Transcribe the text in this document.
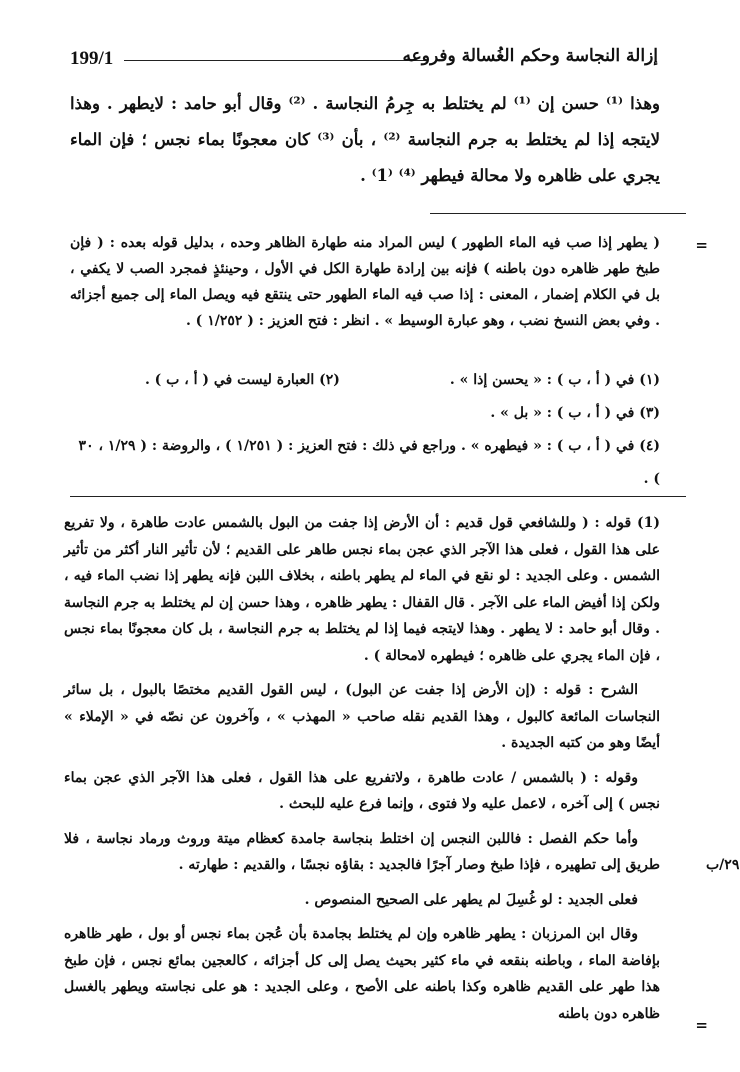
199/1	إزالة النجاسة وحكم الغُسالة وفروعه
وهذا ⁽¹⁾ حسن إن ⁽¹⁾ لم يختلط به جِرمُ النجاسة . ⁽²⁾ وقال أبو حامد : لايطهر . وهذا لايتجه إذا لم يختلط به جرم النجاسة ⁽²⁾ ، بأن ⁽³⁾ كان معجونًا بماء نجس ؛ فإن الماء يجري على ظاهره ولا محالة فيطهر ⁽⁴⁾ ⁽1⁾ .
=
( يطهر إذا صب فيه الماء الطهور ) ليس المراد منه طهارة الظاهر وحده ، بدليل قوله بعده : ( فإن طبخ طهر ظاهره دون باطنه ) فإنه بين إرادة طهارة الكل في الأول ، وحينئذٍ فمجرد الصب لا يكفي ، بل في الكلام إضمار ، المعنى : إذا صب فيه الماء الطهور حتى ينتقع فيه ويصل الماء إلى جميع أجزائه . وفي بعض النسخ نضب ، وهو عبارة الوسيط » . انظر : فتح العزيز : ( ١/٢٥٢ ) .
(١) في ( أ ، ب ) : « يحسن إذا » .
(٢) العبارة ليست في ( أ ، ب ) .
(٣) في ( أ ، ب ) : « بل » .
(٤) في ( أ ، ب ) : « فيطهره » . وراجع في ذلك : فتح العزيز : ( ١/٢٥١ ) ، والروضة : ( ١/٢٩ ، ٣٠ ) .

(1) قوله : ( وللشافعي قول قديم : أن الأرض إذا جفت من البول بالشمس عادت طاهرة ، ولا تفريع على هذا القول ، فعلى هذا الآجر الذي عجن بماء نجس طاهر على القديم ؛ لأن تأثير النار أكثر من تأثير الشمس . وعلى الجديد : لو نقع في الماء لم يطهر باطنه ، بخلاف اللبن فإنه يطهر إذا نضب الماء فيه ، ولكن إذا أفيض الماء على الآجر . قال القفال : يطهر ظاهره ، وهذا حسن إن لم يختلط به جرم النجاسة . وقال أبو حامد : لا يطهر . وهذا لايتجه فيما إذا لم يختلط به جرم النجاسة ، بل كان معجونًا بماء نجس ، فإن الماء يجري على ظاهره ؛ فيطهره لامحالة ) .

الشرح : قوله : (إن الأرض إذا جفت عن البول) ، ليس القول القديم مختصًا بالبول ، بل سائر النجاسات المائعة كالبول ، وهذا القديم نقله صاحب « المهذب » ، وآخرون عن نصّه في « الإملاء » أيضًا وهو من كتبه الجديدة .

وقوله : ( بالشمس / عادت طاهرة ، ولاتفريع على هذا القول ، فعلى هذا الآجر الذي عجن بماء نجس ) إلى آخره ، لاعمل عليه ولا فتوى ، وإنما فرع عليه للبحث .

وأما حكم الفصل : فاللبن النجس إن اختلط بنجاسة جامدة كعظام ميتة وروث ورماد نجاسة ، فلا طريق إلى تطهيره ، فإذا طبخ وصار آجرًا فالجديد : بقاؤه نجسًا ، والقديم : طهارته .

فعلى الجديد : لو غُسِلَ لم يطهر على الصحيح المنصوص .

وقال ابن المرزبان : يطهر ظاهره وإن لم يختلط بجامدة بأن عُجن بماء نجس أو بول ، طهر ظاهره بإفاضة الماء ، وباطنه بنقعه في ماء كثير بحيث يصل إلى كل أجزائه ، كالعجين بمائع نجس ، فإن طبخ هذا طهر على القديم ظاهره وكذا باطنه على الأصح ، وعلى الجديد : هو على نجاسته ويطهر بالغسل ظاهره دون باطنه

٢٩/ب
=
